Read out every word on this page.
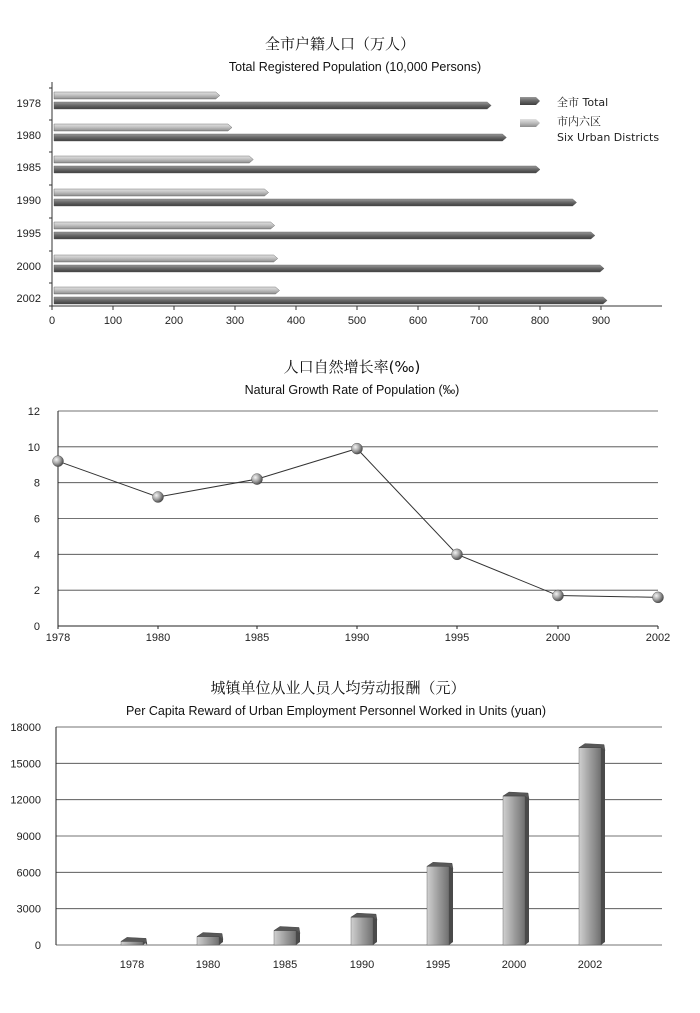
全市户籍人口（万人）
Total Registered Population (10,000 Persons)
0	100	200	300	400	500	600	700	800	900
1978
1980
1985
1990
1995
2000
2002
全市 Total
市内六区
Six Urban Districts
人口自然增长率(‰)
Natural Growth Rate of Population (‰)
0
2
4
6
8
10
12
1978	1980	1985	1990	1995	2000	2002
城镇单位从业人员人均劳动报酬（元）
Per Capita Reward of Urban Employment Personnel Worked in Units (yuan)
0
3000
6000
9000
12000
15000
18000
1978	1980	1985	1990	1995	2000	2002
